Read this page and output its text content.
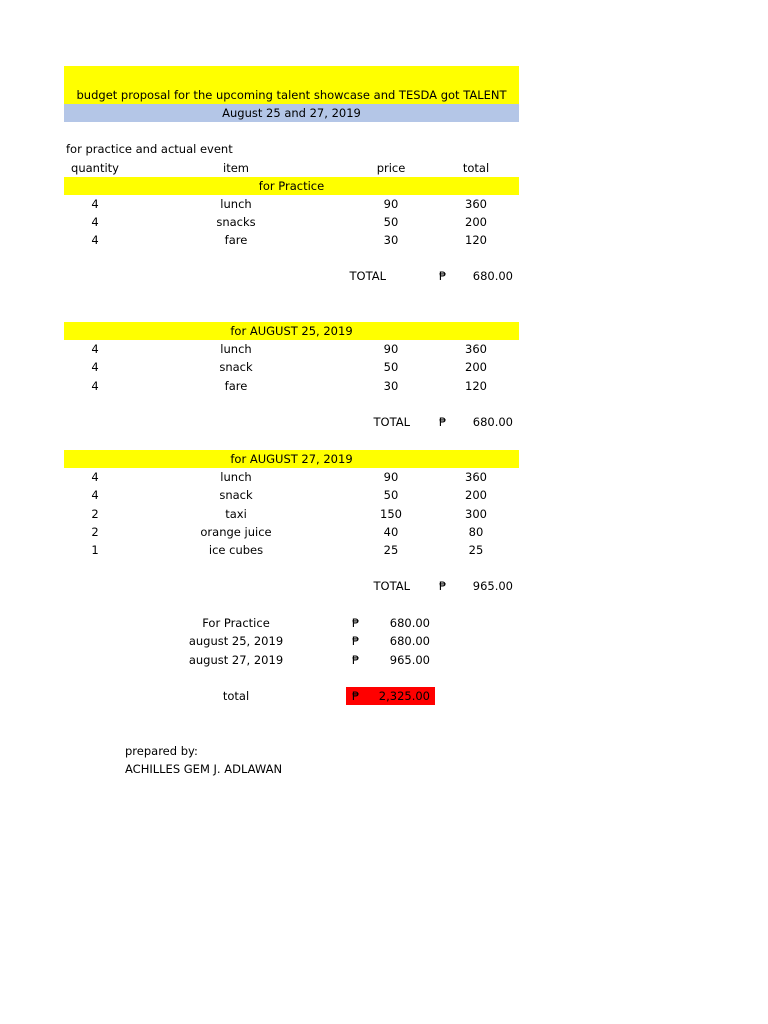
budget proposal for the upcoming talent showcase and TESDA got TALENT
August 25 and 27, 2019
for practice and actual event
quantity	item	price	total
for Practice
4	lunch	90	360
4	snacks	50	200
4	fare	30	120
TOTAL	₱	680.00
for AUGUST 25, 2019
4	lunch	90	360
4	snack	50	200
4	fare	30	120
TOTAL	₱	680.00
for AUGUST 27, 2019
4	lunch	90	360
4	snack	50	200
2	taxi	150	300
2	orange juice	40	80
1	ice cubes	25	25
TOTAL	₱	965.00
For Practice	₱	680.00
august 25, 2019	₱	680.00
august 27, 2019	₱	965.00
total	₱	2,325.00
prepared by:
ACHILLES GEM J. ADLAWAN
